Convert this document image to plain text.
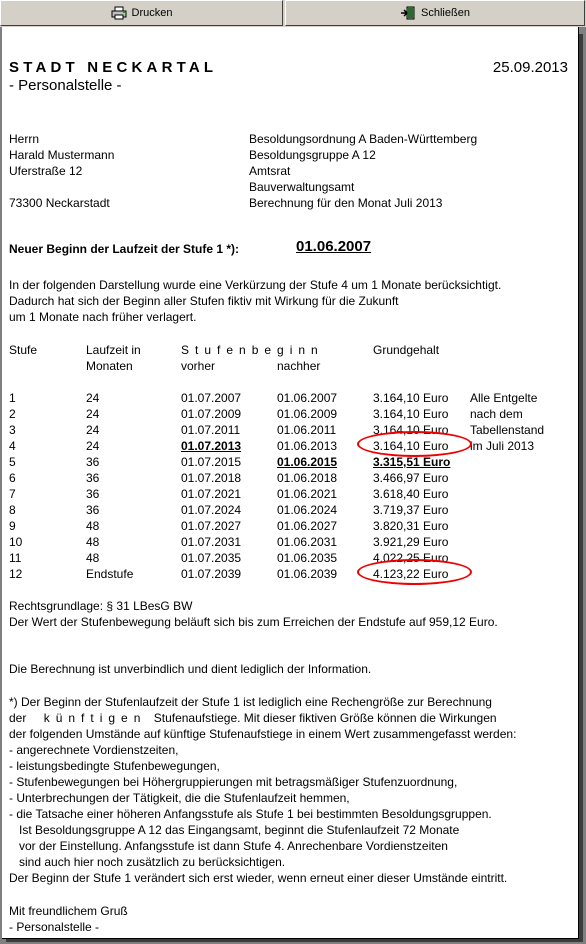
Drucken	Schließen
STADT NECKARTAL	25.09.2013
- Personalstelle -
Herrn
Harald Mustermann
Uferstraße 12
73300 Neckarstadt
Besoldungsordnung A Baden-Württemberg
Besoldungsgruppe A 12
Amtsrat
Bauverwaltungsamt
Berechnung für den Monat Juli 2013
Neuer Beginn der Laufzeit der Stufe 1 *):	01.06.2007
In der folgenden Darstellung wurde eine Verkürzung der Stufe 4 um 1 Monate berücksichtigt.
Dadurch hat sich der Beginn aller Stufen fiktiv mit Wirkung für die Zukunft
um 1 Monate nach früher verlagert.
Stufe	Laufzeit in	Stufenbeginn	Grundgehalt
Monaten	vorher	nachher
1	24	01.07.2007	01.06.2007	3.164,10 Euro Alle Entgelte
2	24	01.07.2009	01.06.2009	3.164,10 Euro nach dem
3	24	01.07.2011	01.06.2011	3.164,10 Euro Tabellenstand
4	24	01.07.2013	01.06.2013	3.164,10 Euro im Juli 2013
5	36	01.07.2015	01.06.2015	3.315,51 Euro
6	36	01.07.2018	01.06.2018	3.466,97 Euro
7	36	01.07.2021	01.06.2021	3.618,40 Euro
8	36	01.07.2024	01.06.2024	3.719,37 Euro
9	48	01.07.2027	01.06.2027	3.820,31 Euro
10	48	01.07.2031	01.06.2031	3.921,29 Euro
11	48	01.07.2035	01.06.2035	4.022,25 Euro
12	Endstufe	01.07.2039	01.06.2039	4.123,22 Euro
Rechtsgrundlage: § 31 LBesG BW
Der Wert der Stufenbewegung beläuft sich bis zum Erreichen der Endstufe auf 959,12 Euro.
Die Berechnung ist unverbindlich und dient lediglich der Information.
*) Der Beginn der Stufenlaufzeit der Stufe 1 ist lediglich eine Rechengröße zur Berechnung
der künftigen Stufenaufstiege. Mit dieser fiktiven Größe können die Wirkungen
der folgenden Umstände auf künftige Stufenaufstiege in einem Wert zusammengefasst werden:
- angerechnete Vordienstzeiten,
- leistungsbedingte Stufenbewegungen,
- Stufenbewegungen bei Höhergruppierungen mit betragsmäßiger Stufenzuordnung,
- Unterbrechungen der Tätigkeit, die die Stufenlaufzeit hemmen,
- die Tatsache einer höheren Anfangsstufe als Stufe 1 bei bestimmten Besoldungsgruppen.
Ist Besoldungsgruppe A 12 das Eingangsamt, beginnt die Stufenlaufzeit 72 Monate
vor der Einstellung. Anfangsstufe ist dann Stufe 4. Anrechenbare Vordienstzeiten
sind auch hier noch zusätzlich zu berücksichtigen.
Der Beginn der Stufe 1 verändert sich erst wieder, wenn erneut einer dieser Umstände eintritt.
Mit freundlichem Gruß
- Personalstelle -
